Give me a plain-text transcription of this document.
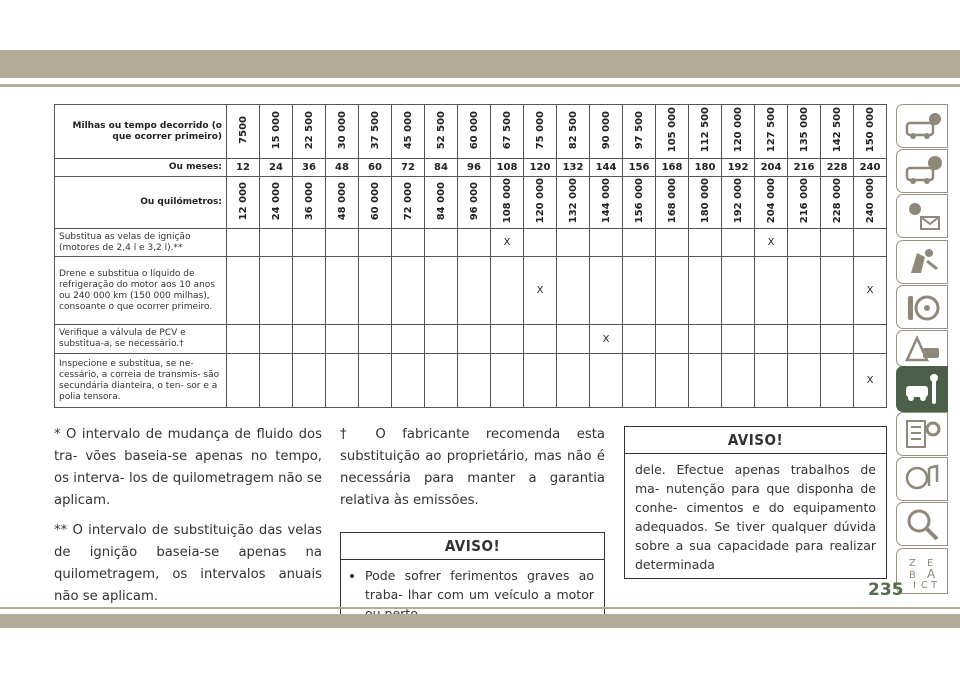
Milhas ou tempo decorrido (o que ocorrer primeiro)	7500	15 000	22 500	30 000	37 500	45 000	52 500	60 000	67 500	75 000	82 500	90 000	97 500	105 000	112 500	120 000	127 500	135 000	142 500	150 000
Ou meses:	12	24	36	48	60	72	84	96	108	120	132	144	156	168	180	192	204	216	228	240
Ou quilómetros:	12 000	24 000	36 000	48 000	60 000	72 000	84 000	96 000	108 000	120 000	132 000	144 000	156 000	168 000	180 000	192 000	204 000	216 000	228 000	240 000
Substitua as velas de ignição (motores de 2,4 l e 3,2 l).**									X								X			
Drene e substitua o líquido de refrigeração do motor aos 10 anos ou 240 000 km (150 000 milhas), consoante o que ocorrer primeiro.										X										X
Verifique a válvula de PCV e substitua-a, se necessário.†												X								
Inspecione e substitua, se ne- cessário, a correia de transmis- são secundária dianteira, o ten- sor e a polia tensora.																				X

* O intervalo de mudança de fluido dos tra- vões baseia-se apenas no tempo, os interva- los de quilometragem não se aplicam.

** O intervalo de substituição das velas de ignição baseia-se apenas na quilometragem, os intervalos anuais não se aplicam.

† O fabricante recomenda esta substituição ao proprietário, mas não é necessária para manter a garantia relativa às emissões.

AVISO!
• Pode sofrer ferimentos graves ao traba- lhar com um veículo a motor
AVISO!
dele. Efectue apenas trabalhos de ma- nutenção para que disponha de conhe- cimentos e do equipamento adequados. Se tiver qualquer dúvida sobre a sua capacidade para realizar determinada	Z E
B A
I C T
235
